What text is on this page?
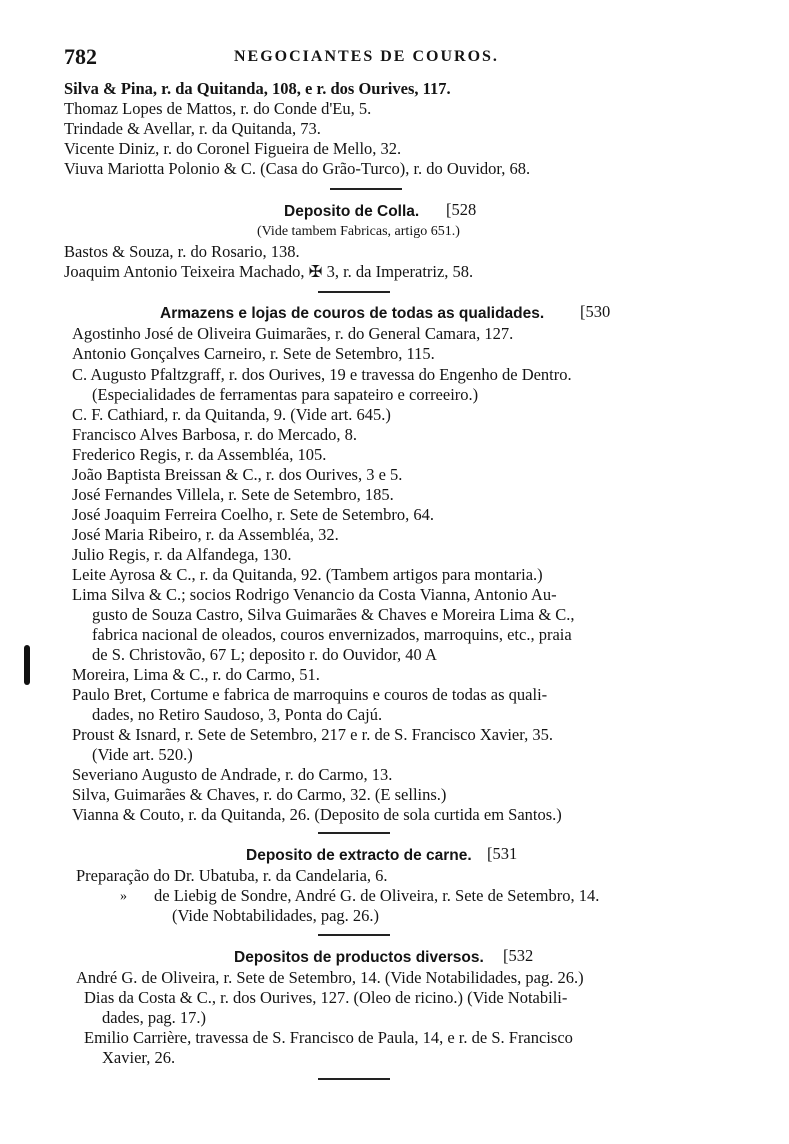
782	NEGOCIANTES DE COUROS.
Silva & Pina, r. da Quitanda, 108, e r. dos Ourives, 117.
Thomaz Lopes de Mattos, r. do Conde d'Eu, 5.
Trindade & Avellar, r. da Quitanda, 73.
Vicente Diniz, r. do Coronel Figueira de Mello, 32.
Viuva Mariotta Polonio & C. (Casa do Grão-Turco), r. do Ouvidor, 68.
Deposito de Colla. [528
(Vide tambem Fabricas, artigo 651.)
Bastos & Souza, r. do Rosario, 138.
Joaquim Antonio Teixeira Machado, ✠ 3, r. da Imperatriz, 58.
Armazens e lojas de couros de todas as qualidades. [530
Agostinho José de Oliveira Guimarães, r. do General Camara, 127.
Antonio Gonçalves Carneiro, r. Sete de Setembro, 115.
C. Augusto Pfaltzgraff, r. dos Ourives, 19 e travessa do Engenho de Dentro.
(Especialidades de ferramentas para sapateiro e correeiro.)
C. F. Cathiard, r. da Quitanda, 9. (Vide art. 645.)
Francisco Alves Barbosa, r. do Mercado, 8.
Frederico Regis, r. da Assembléa, 105.
João Baptista Breissan & C., r. dos Ourives, 3 e 5.
José Fernandes Villela, r. Sete de Setembro, 185.
José Joaquim Ferreira Coelho, r. Sete de Setembro, 64.
José Maria Ribeiro, r. da Assembléa, 32.
Julio Regis, r. da Alfandega, 130.
Leite Ayrosa & C., r. da Quitanda, 92. (Tambem artigos para montaria.)
Lima Silva & C.; socios Rodrigo Venancio da Costa Vianna, Antonio Au-
gusto de Souza Castro, Silva Guimarães & Chaves e Moreira Lima & C.,
fabrica nacional de oleados, couros envernizados, marroquins, etc., praia
de S. Christovão, 67 L; deposito r. do Ouvidor, 40 A
Moreira, Lima & C., r. do Carmo, 51.
Paulo Bret, Cortume e fabrica de marroquins e couros de todas as quali-
dades, no Retiro Saudoso, 3, Ponta do Cajú.
Proust & Isnard, r. Sete de Setembro, 217 e r. de S. Francisco Xavier, 35.
(Vide art. 520.)
Severiano Augusto de Andrade, r. do Carmo, 13.
Silva, Guimarães & Chaves, r. do Carmo, 32. (E sellins.)
Vianna & Couto, r. da Quitanda, 26. (Deposito de sola curtida em Santos.)
Deposito de extracto de carne. [531
Preparação do Dr. Ubatuba, r. da Candelaria, 6.
» de Liebig de Sondre, André G. de Oliveira, r. Sete de Setembro, 14.
(Vide Nobtabilidades, pag. 26.)
Depositos de productos diversos. [532
André G. de Oliveira, r. Sete de Setembro, 14. (Vide Notabilidades, pag. 26.)
Dias da Costa & C., r. dos Ourives, 127. (Oleo de ricino.) (Vide Notabili-
dades, pag. 17.)
Emilio Carrière, travessa de S. Francisco de Paula, 14, e r. de S. Francisco
Xavier, 26.
